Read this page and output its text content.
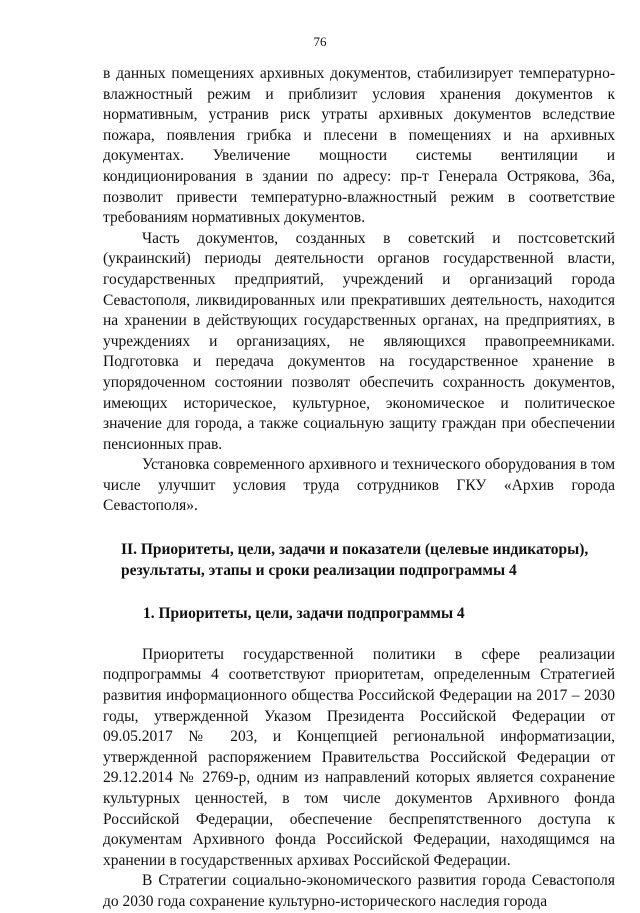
76

в данных помещениях архивных документов, стабилизирует температурно-влажностный режим и приблизит условия хранения документов к нормативным, устранив риск утраты архивных документов вследствие пожара, появления грибка и плесени в помещениях и на архивных документах. Увеличение мощности системы вентиляции и кондиционирования в здании по адресу: пр-т Генерала Острякова, 36а, позволит привести температурно-влажностный режим в соответствие требованиям нормативных документов.

Часть документов, созданных в советский и постсоветский (украинский) периоды деятельности органов государственной власти, государственных предприятий, учреждений и организаций города Севастополя, ликвидированных или прекративших деятельность, находится на хранении в действующих государственных органах, на предприятиях, в учреждениях и организациях, не являющихся правопреемниками. Подготовка и передача документов на государственное хранение в упорядоченном состоянии позволят обеспечить сохранность документов, имеющих историческое, культурное, экономическое и политическое значение для города, а также социальную защиту граждан при обеспечении пенсионных прав.

Установка современного архивного и технического оборудования в том числе улучшит условия труда сотрудников ГКУ «Архив города Севастополя».

II. Приоритеты, цели, задачи и показатели (целевые индикаторы),
результаты, этапы и сроки реализации подпрограммы 4
1. Приоритеты, цели, задачи подпрограммы 4

Приоритеты государственной политики в сфере реализации подпрограммы 4 соответствуют приоритетам, определенным Стратегией развития информационного общества Российской Федерации на 2017 – 2030 годы, утвержденной Указом Президента Российской Федерации от 09.05.2017 № 203, и Концепцией региональной информатизации, утвержденной распоряжением Правительства Российской Федерации от 29.12.2014 № 2769-р, одним из направлений которых является сохранение культурных ценностей, в том числе документов Архивного фонда Российской Федерации, обеспечение беспрепятственного доступа к документам Архивного фонда Российской Федерации, находящимся на хранении в государственных архивах Российской Федерации.

В Стратегии социально-экономического развития города Севастополя до 2030 года сохранение культурно-исторического наследия города
